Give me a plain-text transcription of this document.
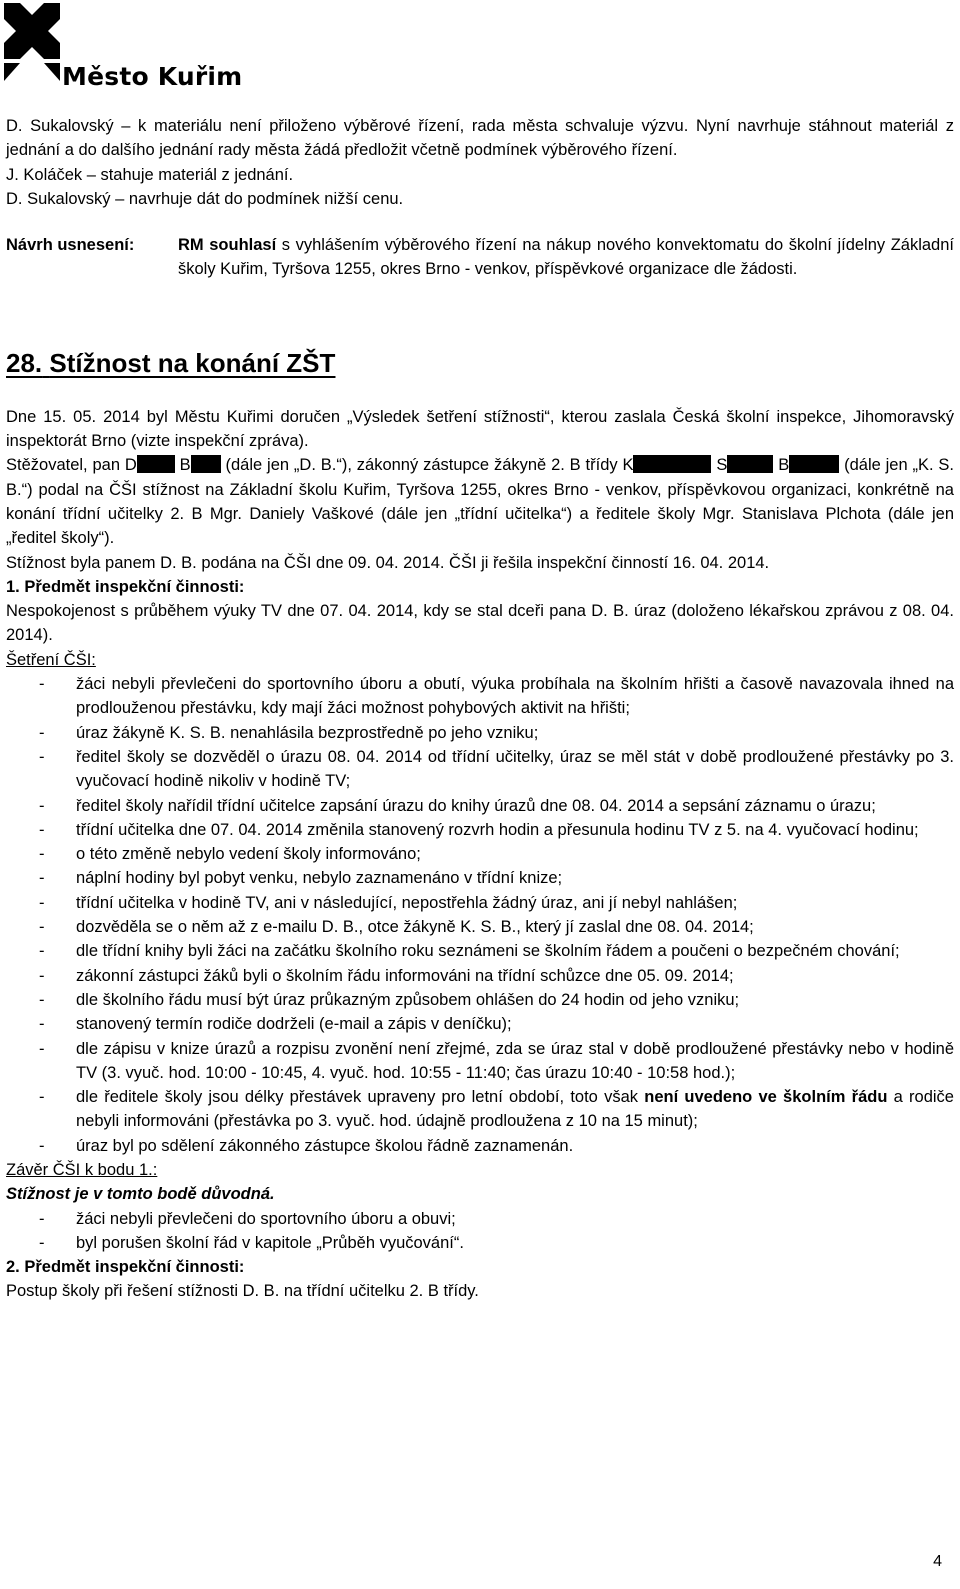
Město Kuřim

D. Sukalovský – k materiálu není přiloženo výběrové řízení, rada města schvaluje výzvu. Nyní navrhuje stáhnout materiál z jednání a do dalšího jednání rady města žádá předložit včetně podmínek výběrového řízení.

J. Koláček – stahuje materiál z jednání.

D. Sukalovský – navrhuje dát do podmínek nižší cenu.

Návrh usnesení:	RM souhlasí s vyhlášením výběrového řízení na nákup nového konvektomatu do školní jídelny Základní školy Kuřim, Tyršova 1255, okres Brno - venkov, příspěvkové organizace dle žádosti.
28. Stížnost na konání ZŠT

Dne 15. 05. 2014 byl Městu Kuřimi doručen „Výsledek šetření stížnosti“, kterou zaslala Česká školní inspekce, Jihomoravský inspektorát Brno (vizte inspekční zpráva).

Stěžovatel, pan D	B (dále jen „D. B.“), zákonný zástupce žákyně 2. B třídy K	S	B	(dále jen „K. S. B.“) podal na ČŠI stížnost na Základní školu Kuřim, Tyršova 1255, okres Brno - venkov, příspěvkovou organizaci, konkrétně na konání třídní učitelky 2. B Mgr. Daniely Vaškové (dále jen „třídní učitelka“) a ředitele školy Mgr. Stanislava Plchota (dále jen „ředitel školy“).

Stížnost byla panem D. B. podána na ČŠI dne 09. 04. 2014. ČŠI ji řešila inspekční činností 16. 04. 2014.

1. Předmět inspekční činnosti:

Nespokojenost s průběhem výuky TV dne 07. 04. 2014, kdy se stal dceři pana D. B. úraz (doloženo lékařskou zprávou z 08. 04. 2014).

Šetření ČŠI:

- žáci nebyli převlečeni do sportovního úboru a obutí, výuka probíhala na školním hřišti a časově navazovala ihned na prodlouženou přestávku, kdy mají žáci možnost pohybových aktivit na hřišti;
- úraz žákyně K. S. B. nenahlásila bezprostředně po jeho vzniku;
- ředitel školy se dozvěděl o úrazu 08. 04. 2014 od třídní učitelky, úraz se měl stát v době prodloužené přestávky po 3. vyučovací hodině nikoliv v hodině TV;
- ředitel školy nařídil třídní učitelce zapsání úrazu do knihy úrazů dne 08. 04. 2014 a sepsání záznamu o úrazu;
- třídní učitelka dne 07. 04. 2014 změnila stanovený rozvrh hodin a přesunula hodinu TV z 5. na 4. vyučovací hodinu;
- o této změně nebylo vedení školy informováno;
- náplní hodiny byl pobyt venku, nebylo zaznamenáno v třídní knize;
- třídní učitelka v hodině TV, ani v následující, nepostřehla žádný úraz, ani jí nebyl nahlášen;
- dozvěděla se o něm až z e-mailu D. B., otce žákyně K. S. B., který jí zaslal dne 08. 04. 2014;
- dle třídní knihy byli žáci na začátku školního roku seznámeni se školním řádem a poučeni o bezpečném chování;
- zákonní zástupci žáků byli o školním řádu informováni na třídní schůzce dne 05. 09. 2014;
- dle školního řádu musí být úraz průkazným způsobem ohlášen do 24 hodin od jeho vzniku;
- stanovený termín rodiče dodrželi (e-mail a zápis v deníčku);
- dle zápisu v knize úrazů a rozpisu zvonění není zřejmé, zda se úraz stal v době prodloužené přestávky nebo v hodině TV (3. vyuč. hod. 10:00 - 10:45, 4. vyuč. hod. 10:55 - 11:40; čas úrazu 10:40 - 10:58 hod.);
- dle ředitele školy jsou délky přestávek upraveny pro letní období, toto však není uvedeno ve školním řádu a rodiče nebyli informováni (přestávka po 3. vyuč. hod. údajně prodloužena z 10 na 15 minut);
- úraz byl po sdělení zákonného zástupce školou řádně zaznamenán.

Závěr ČŠI k bodu 1.:

Stížnost je v tomto bodě důvodná.

- žáci nebyli převlečeni do sportovního úboru a obuvi;
- byl porušen školní řád v kapitole „Průběh vyučování“.

2. Předmět inspekční činnosti:

Postup školy při řešení stížnosti D. B. na třídní učitelku 2. B třídy.

4
